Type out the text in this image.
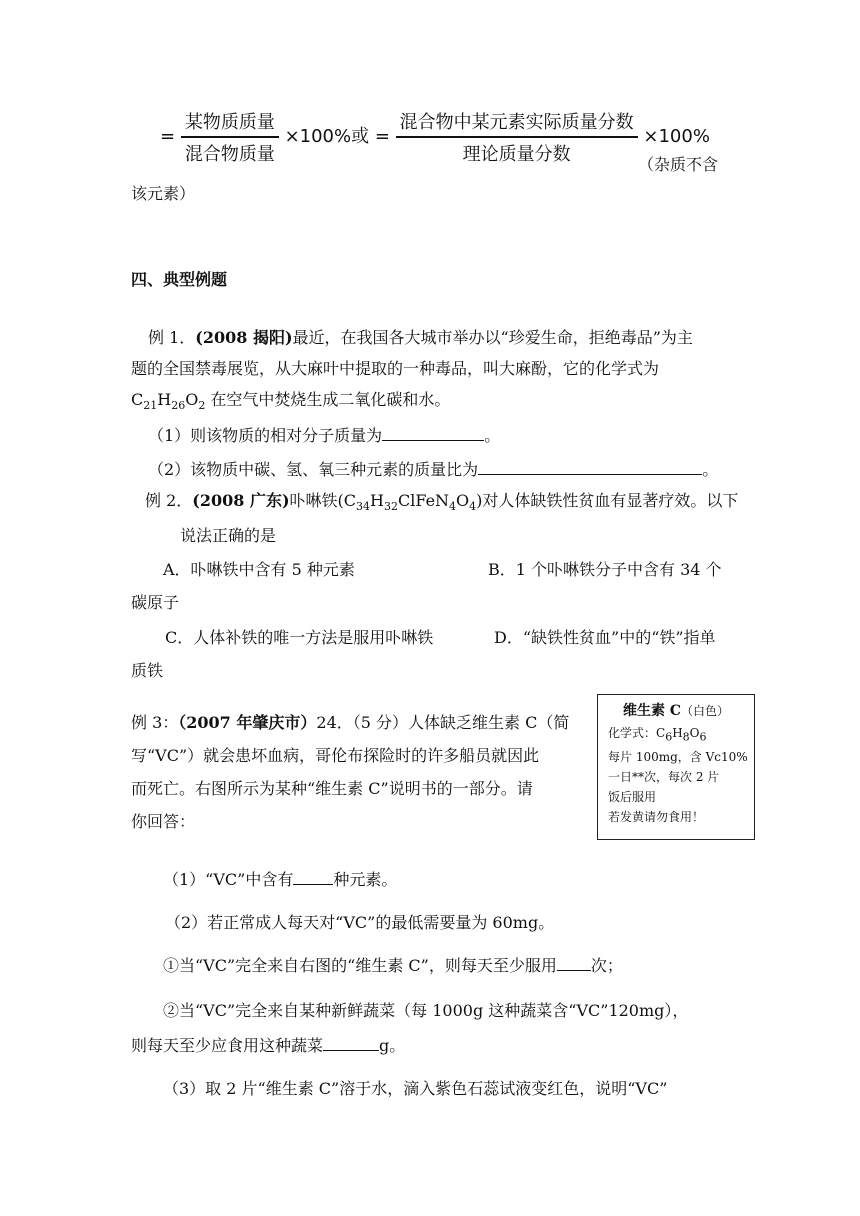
= $\frac{\text{某物质质量}}{\text{混合物质量}} \times 100\%$或 = $\frac{\text{混合物中某元素实际质量分数}}{\text{理论质量分数}} \times 100\%$
（杂质不含
该元素）
四、典型例题
例 1．(2008 揭阳)最近，在我国各大城市举办以“珍爱生命，拒绝毒品”为主
题的全国禁毒展览，从大麻叶中提取的一种毒品，叫大麻酚，它的化学式为
$C_{21}H_{26}O_2$ 在空气中焚烧生成二氧化碳和水。
（1）则该物质的相对分子质量为	。
（2）该物质中碳、氢、氧三种元素的质量比为	。
例 2．(2008 广东)卟啉铁$(C_{34}H_{32}ClFeN_4O_4)$对人体缺铁性贫血有显著疗效。以下
说法正确的是
A．卟啉铁中含有 5 种元素	B．1 个卟啉铁分子中含有 34 个
碳原子
C．人体补铁的唯一方法是服用卟啉铁	D．“缺铁性贫血”中的“铁”指单
质铁
维生素 C（白色）
化学式：$C_6H_8O_6$
每片 100mg，含 Vc10%
一日**次，每次 2 片
饭后服用
若发黄请勿食用！
例 3：（2007 年肇庆市）24．（5 分）人体缺乏维生素 C（简
写“VC”）就会患坏血病，哥伦布探险时的许多船员就因此
而死亡。右图所示为某种“维生素 C”说明书的一部分。请
你回答：
（1）“VC”中含有	种元素。
（2）若正常成人每天对“VC”的最低需要量为 60mg。
①当“VC”完全来自右图的“维生素 C”，则每天至少服用 次；
②当“VC”完全来自某种新鲜蔬菜（每 1000g 这种蔬菜含“VC”120mg），
则每天至少应食用这种蔬菜	g。
（3）取 2 片“维生素 C”溶于水，滴入紫色石蕊试液变红色，说明“VC”
